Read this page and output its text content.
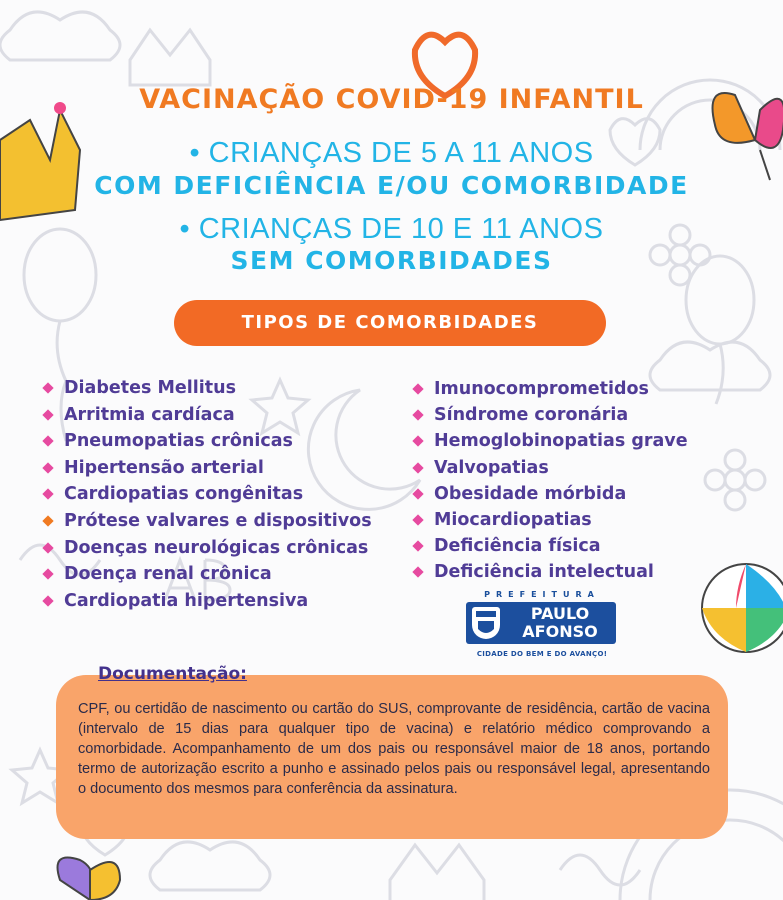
VACINAÇÃO COVID-19 INFANTIL
• CRIANÇAS DE 5 A 11 ANOS
COM DEFICIÊNCIA E/OU COMORBIDADE
• CRIANÇAS DE 10 E 11 ANOS
SEM COMORBIDADES
TIPOS DE COMORBIDADES
Diabetes Mellitus
Arritmia cardíaca
Pneumopatias crônicas
Hipertensão arterial
Cardiopatias congênitas
Prótese valvares e dispositivos
Doenças neurológicas crônicas
Doença renal crônica
Cardiopatia hipertensiva
Imunocomprometidos
Síndrome coronária
Hemoglobinopatias grave
Valvopatias
Obesidade mórbida
Miocardiopatias
Deficiência física
Deficiência intelectual
PREFEITURA
PAULO
AFONSO
CIDADE DO BEM E DO AVANÇO!

CPF, ou certidão de nascimento ou cartão do SUS, comprovante de residência, cartão de vacina (intervalo de 15 dias para qualquer tipo de vacina) e relatório médico comprovando a comorbidade. Acompanhamento de um dos pais ou responsável maior de 18 anos, portando termo de autorização escrito a punho e assinado pelos pais ou responsável legal, apresentando o documento dos mesmos para conferência da assinatura.

Documentação:
